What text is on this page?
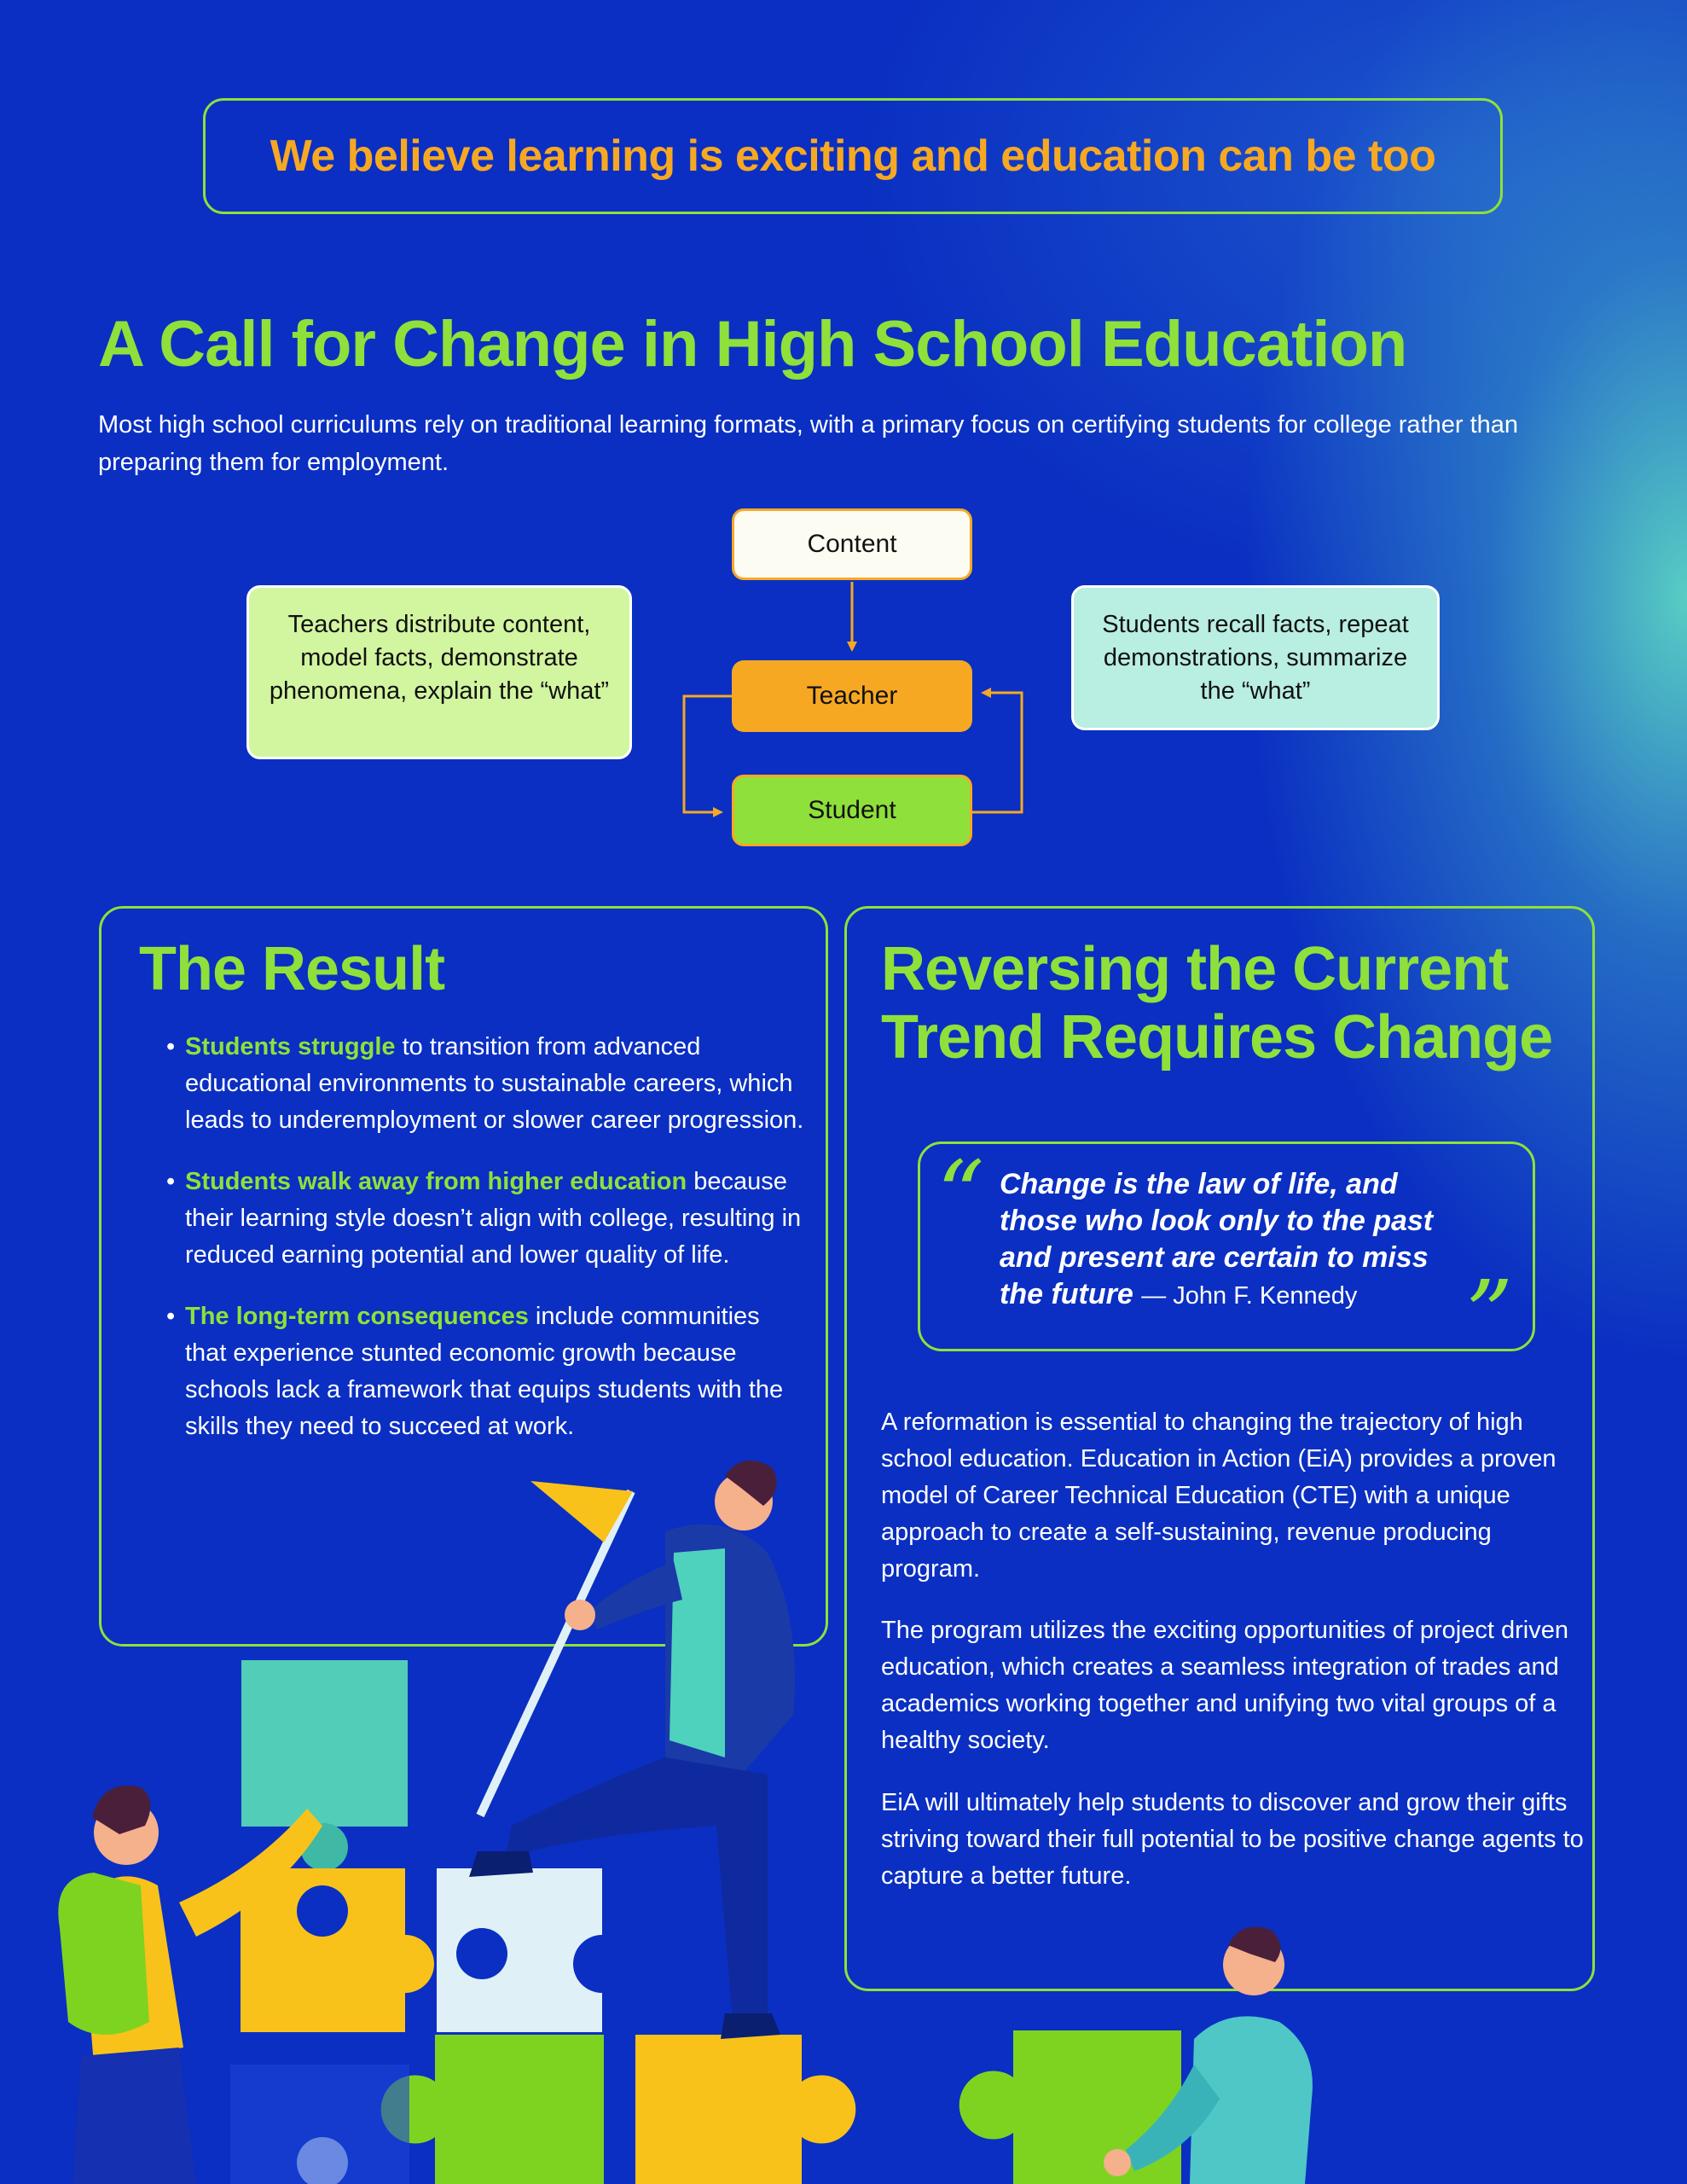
We believe learning is exciting and education can be too
A Call for Change in High School Education

Most high school curriculums rely on traditional learning formats, with a primary focus on certifying students for college rather than preparing them for employment.

Content
Teacher
Student
Teachers distribute content, model facts, demonstrate phenomena, explain the “what”
Students recall facts, repeat demonstrations, summarize the “what”
The Result
• Students struggle to transition from advanced educational environments to sustainable careers, which leads to underemployment or slower career progression.
• Students walk away from higher education because their learning style doesn’t align with college, resulting in reduced earning potential and lower quality of life.
• The long-term consequences include communities that experience stunted economic growth because schools lack a framework that equips students with the skills they need to succeed at work.
Reversing the Current Trend Requires Change
“
”
Change is the law of life, and those who look only to the past and present are certain to miss the future — John F. Kennedy

A reformation is essential to changing the trajectory of high school education. Education in Action (EiA) provides a proven model of Career Technical Education (CTE) with a unique approach to create a self-sustaining, revenue producing program.

The program utilizes the exciting opportunities of project driven education, which creates a seamless integration of trades and academics working together and unifying two vital groups of a healthy society.

EiA will ultimately help students to discover and grow their gifts striving toward their full potential to be positive change agents to capture a better future.
